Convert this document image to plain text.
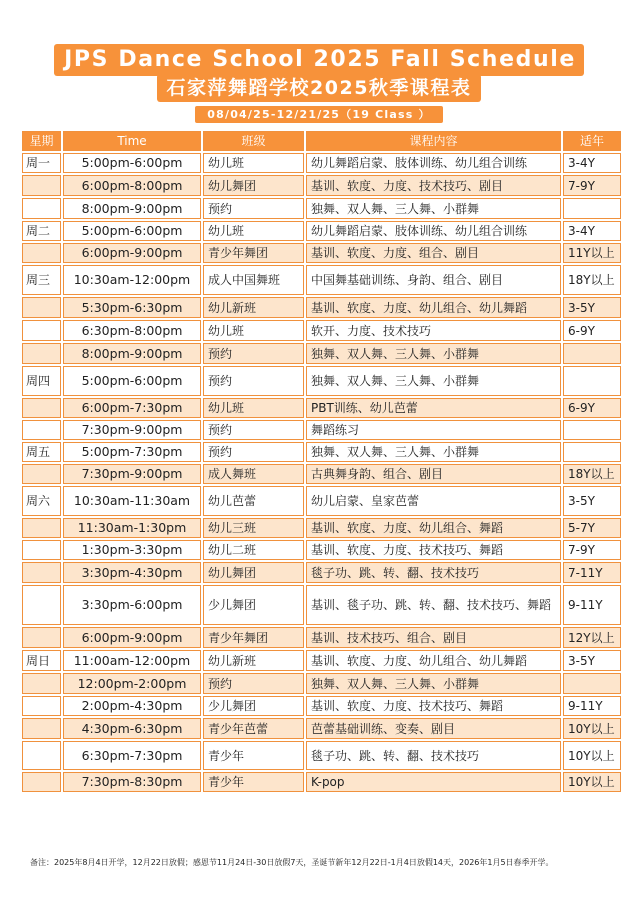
JPS Dance School 2025 Fall Schedule
石家萍舞蹈学校2025秋季课程表
08/04/25-12/21/25（19 Class ）
星期	Time	班级	课程内容	适年
周一	5:00pm-6:00pm	幼儿班	幼儿舞蹈启蒙、肢体训练、幼儿组合训练	3-4Y
	6:00pm-8:00pm	幼儿舞团	基训、软度、力度、技术技巧、剧目	7-9Y
	8:00pm-9:00pm	预约	独舞、双人舞、三人舞、小群舞	
周二	5:00pm-6:00pm	幼儿班	幼儿舞蹈启蒙、肢体训练、幼儿组合训练	3-4Y
	6:00pm-9:00pm	青少年舞团	基训、软度、力度、组合、剧目	11Y以上
周三	10:30am-12:00pm	成人中国舞班	中国舞基础训练、身韵、组合、剧目	18Y以上
	5:30pm-6:30pm	幼儿新班	基训、软度、力度、幼儿组合、幼儿舞蹈	3-5Y
	6:30pm-8:00pm	幼儿班	软开、力度、技术技巧	6-9Y
	8:00pm-9:00pm	预约	独舞、双人舞、三人舞、小群舞	
周四	5:00pm-6:00pm	预约	独舞、双人舞、三人舞、小群舞	
	6:00pm-7:30pm	幼儿班	PBT训练、幼儿芭蕾	6-9Y
	7:30pm-9:00pm	预约	舞蹈练习	
周五	5:00pm-7:30pm	预约	独舞、双人舞、三人舞、小群舞	
	7:30pm-9:00pm	成人舞班	古典舞身韵、组合、剧目	18Y以上
周六	10:30am-11:30am	幼儿芭蕾	幼儿启蒙、皇家芭蕾	3-5Y
	11:30am-1:30pm	幼儿三班	基训、软度、力度、幼儿组合、舞蹈	5-7Y
	1:30pm-3:30pm	幼儿二班	基训、软度、力度、技术技巧、舞蹈	7-9Y
	3:30pm-4:30pm	幼儿舞团	毯子功、跳、转、翻、技术技巧	7-11Y
	3:30pm-6:00pm	少儿舞团	基训、毯子功、跳、转、翻、技术技巧、舞蹈	9-11Y
	6:00pm-9:00pm	青少年舞团	基训、技术技巧、组合、剧目	12Y以上
周日	11:00am-12:00pm	幼儿新班	基训、软度、力度、幼儿组合、幼儿舞蹈	3-5Y
	12:00pm-2:00pm	预约	独舞、双人舞、三人舞、小群舞	
	2:00pm-4:30pm	少儿舞团	基训、软度、力度、技术技巧、舞蹈	9-11Y
	4:30pm-6:30pm	青少年芭蕾	芭蕾基础训练、变奏、剧目	10Y以上
	6:30pm-7:30pm	青少年	毯子功、跳、转、翻、技术技巧	10Y以上
	7:30pm-8:30pm	青少年	K-pop	10Y以上
备注：2025年8月4日开学，12月22日放假；感恩节11月24日-30日放假7天，圣诞节新年12月22日-1月4日放假14天，2026年1月5日春季开学。
